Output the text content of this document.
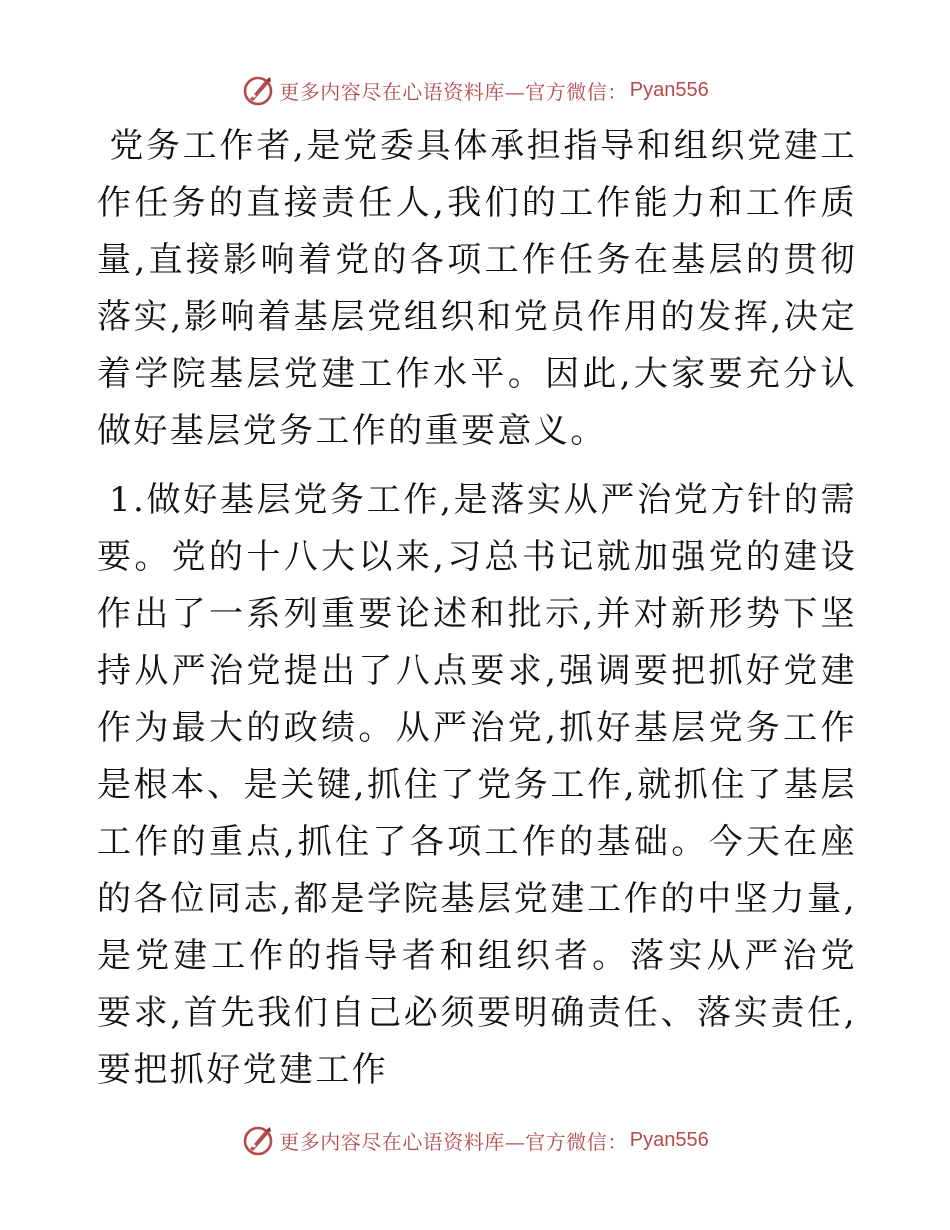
更多内容尽在心语资料库—官方微信： Pyan556

党务工作者,是党委具体承担指导和组织党建工作任务的直接责任人,我们的工作能力和工作质量,直接影响着党的各项工作任务在基层的贯彻落实,影响着基层党组织和党员作用的发挥,决定着学院基层党建工作水平。因此,大家要充分认做好基层党务工作的重要意义。

1.做好基层党务工作,是落实从严治党方针的需要。党的十八大以来,习总书记就加强党的建设作出了一系列重要论述和批示,并对新形势下坚持从严治党提出了八点要求,强调要把抓好党建作为最大的政绩。从严治党,抓好基层党务工作是根本、是关键,抓住了党务工作,就抓住了基层工作的重点,抓住了各项工作的基础。今天在座的各位同志,都是学院基层党建工作的中坚力量,是党建工作的指导者和组织者。落实从严治党要求,首先我们自己必须要明确责任、落实责任,要把抓好党建工作

更多内容尽在心语资料库—官方微信： Pyan556
